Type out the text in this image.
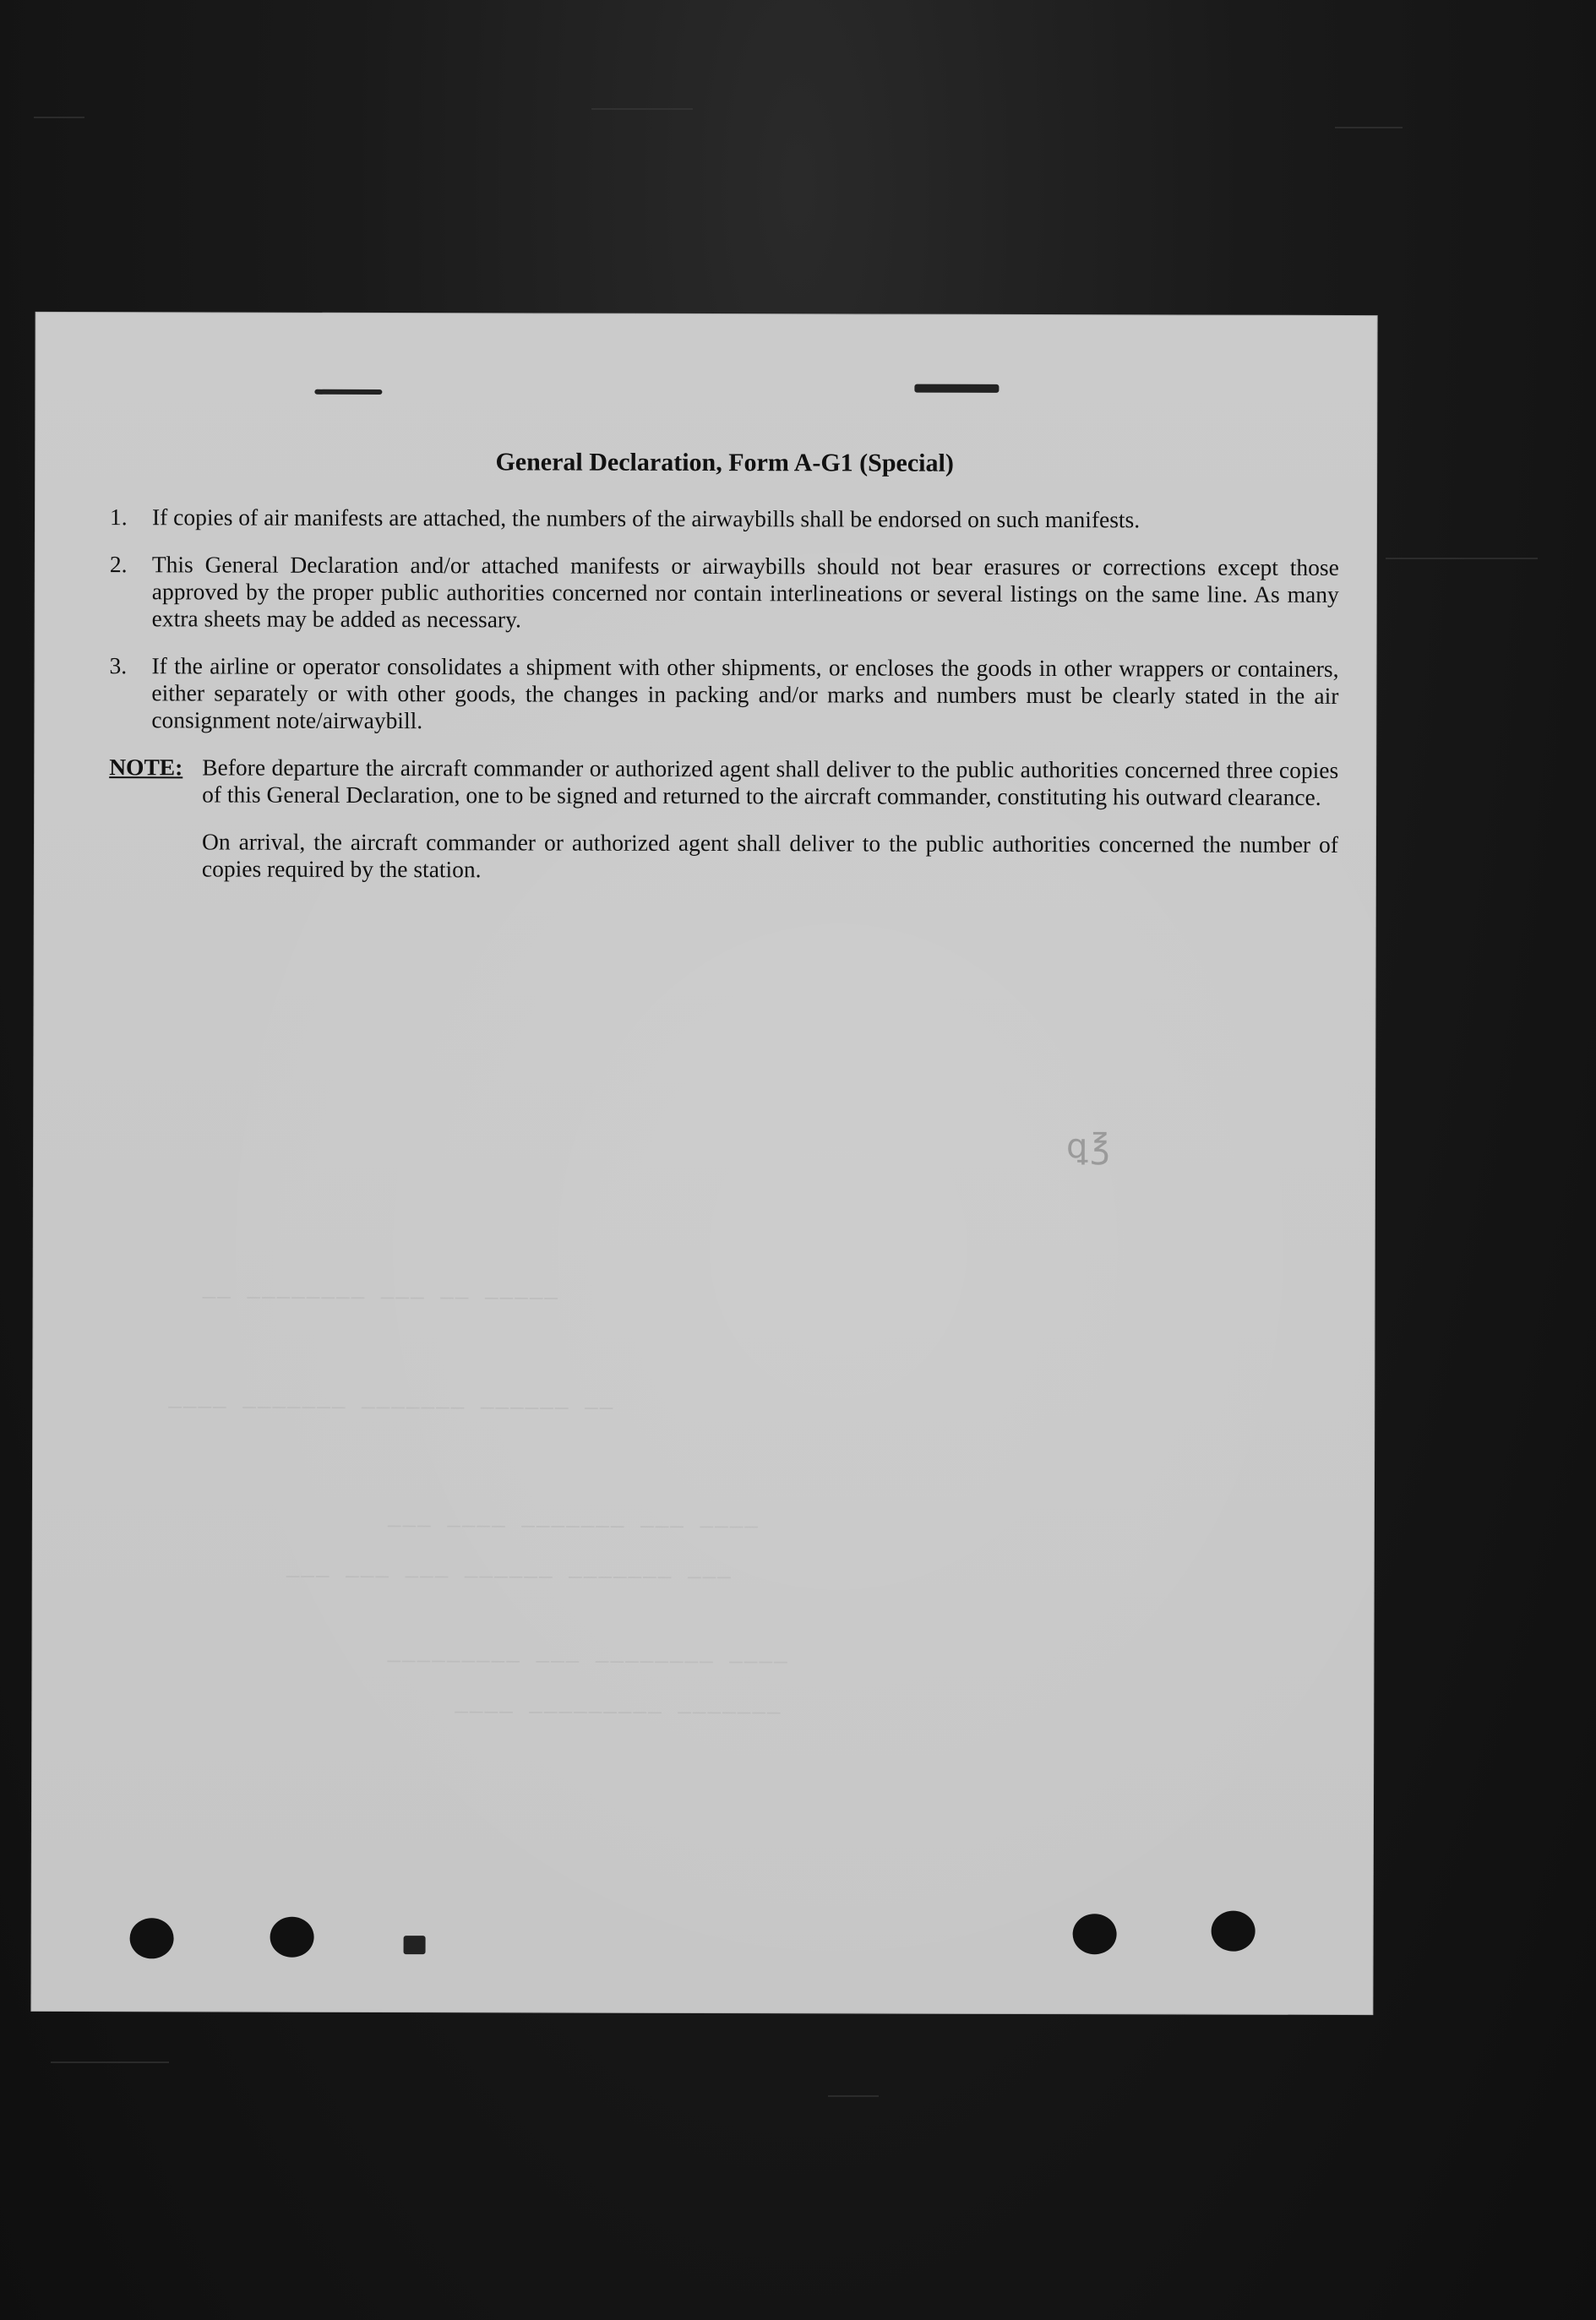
—— ———————— ——— —— —————
———— ——————— ——————— —————— ——
——— ———— ——————— ——— ————
——— ——— ——— —————— ——————— ———
————————— ——— ———————— ————
———— ————————— ———————
ꝗ℥
General Declaration, Form A-G1 (Special)
1.	If copies of air manifests are attached, the numbers of the airwaybills shall be endorsed on such manifests.
2.	This General Declaration and/or attached manifests or airwaybills should not bear erasures or corrections except those approved by the proper public authorities concerned nor contain interlineations or several listings on the same line. As many extra sheets may be added as necessary.
3.	If the airline or operator consolidates a shipment with other shipments, or encloses the goods in other wrappers or containers, either separately or with other goods, the changes in packing and/or marks and numbers must be clearly stated in the air consignment note/airwaybill.
NOTE: Before departure the aircraft commander or authorized agent shall deliver to the public authorities concerned three copies of this General Declaration, one to be signed and returned to the aircraft commander, constituting his outward clearance.

On arrival, the aircraft commander or authorized agent shall deliver to the public authorities concerned the number of copies required by the station.
